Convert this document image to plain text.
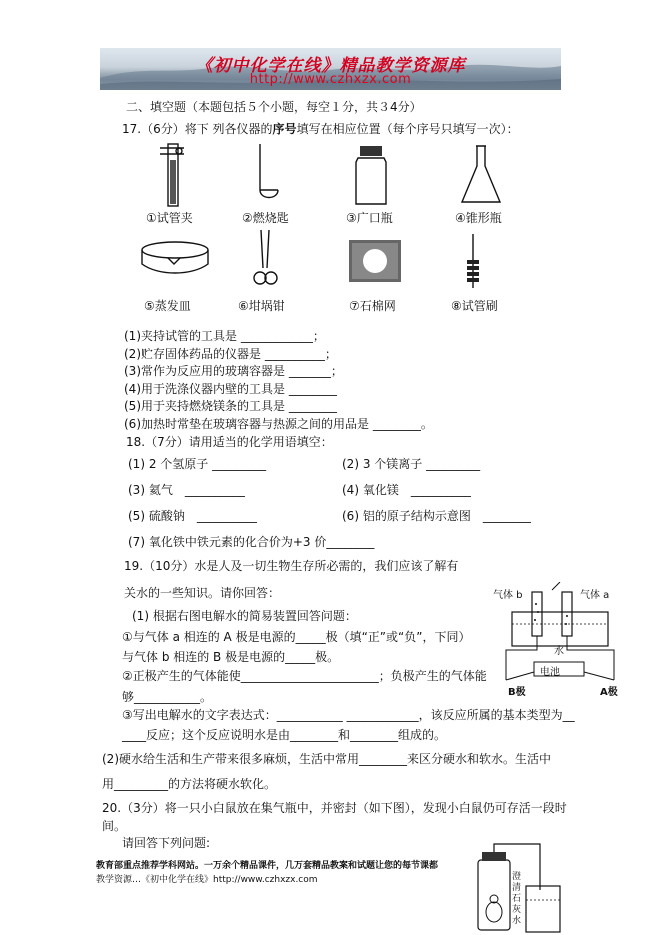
《初中化学在线》精品教学资源库
http://www.czhxzx.com
二、填空题（本题包括５个小题，每空１分，共３4分）
17.（6分）将下 列各仪器的序号填写在相应位置（每个序号只填写一次）：
①试管夹	②燃烧匙	③广口瓶	④锥形瓶
⑤蒸发皿	⑥坩埚钳	⑦石棉网	⑧试管刷
(1)夹持试管的工具是 ____________；
(2)贮存固体药品的仪器是 __________；
(3)常作为反应用的玻璃容器是 _______；
(4)用于洗涤仪器内壁的工具是 ________
(5)用于夹持燃烧镁条的工具是 ________
(6)加热时常垫在玻璃容器与热源之间的用品是 ________。
18.（7分）请用适当的化学用语填空：
(1) 2 个氢原子 _________	(2) 3 个镁离子 _________
(3) 氦气　__________	(4) 氧化镁　__________
(5) 硫酸钠　__________	(6) 铝的原子结构示意图　________
(7) 氧化铁中铁元素的化合价为+3 价________
19.（10分）水是人及一切生物生存所必需的，我们应该了解有
关水的一些知识。请你回答：
(1) 根据右图电解水的简易装置回答问题：
①与气体 a 相连的 A 极是电源的_____极（填“正”或“负”，下同）
与气体 b 相连的 B 极是电源的_____极。
②正极产生的气体能使_______________________；负极产生的气体能
够___________。
③写出电解水的文字表达式：___________ ____________，该反应所属的基本类型为__
____反应；这个反应说明水是由________和________组成的。
(2)硬水给生活和生产带来很多麻烦，生活中常用________来区分硬水和软水。生活中
用_________的方法将硬水软化。
气体 b	气体 a
水
电池
B极	A极
20.（3分）将一只小白鼠放在集气瓶中，并密封（如下图），发现小白鼠仍可存活一段时
间。
请回答下列问题:
澄清石灰水
教育部重点推荐学科网站。一万余个精品课件，几万套精品教案和试题让您的每节课都
教学资源…《初中化学在线》http://www.czhxzx.com
